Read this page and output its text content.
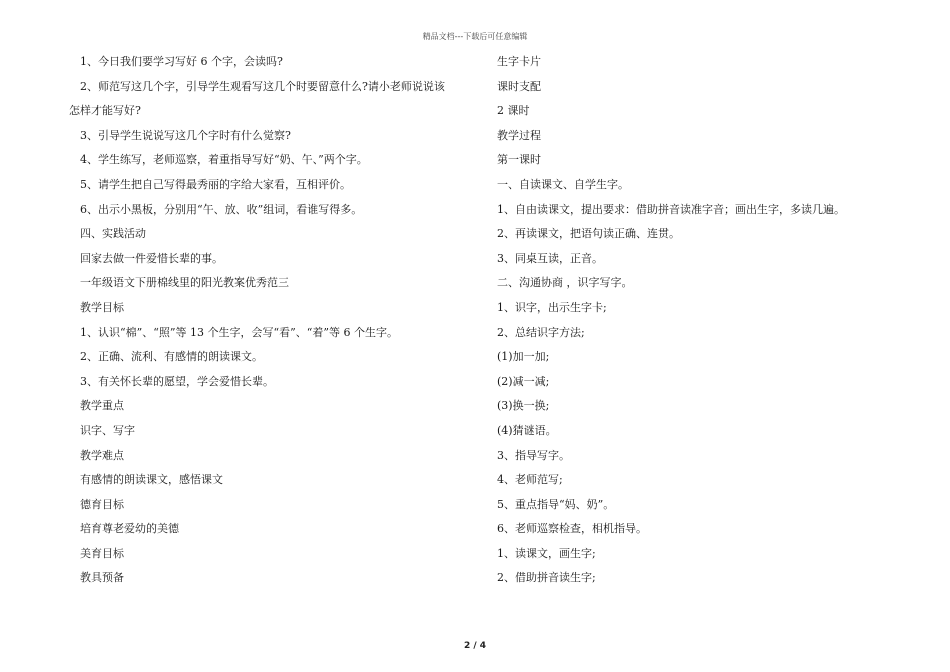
精品文档---下载后可任意编辑
1、今日我们要学习写好 6 个字，会读吗?
2、师范写这几个字，引导学生观看写这几个时要留意什么?请小老师说说该
怎样才能写好?
3、引导学生说说写这几个字时有什么觉察?
4、学生练写，老师巡察，着重指导写好“奶、午、”两个字。
5、请学生把自己写得最秀丽的字给大家看，互相评价。
6、出示小黑板，分别用“午、放、收”组词，看谁写得多。
四、实践活动
回家去做一件爱惜长辈的事。
一年级语文下册棉线里的阳光教案优秀范三
教学目标
1、认识“棉”、“照”等 13 个生字，会写“看”、“着”等 6 个生字。
2、正确、流利、有感情的朗读课文。
3、有关怀长辈的愿望，学会爱惜长辈。
教学重点
识字、写字
教学难点
有感情的朗读课文，感悟课文
德育目标
培育尊老爱幼的美德
美育目标
教具预备
生字卡片
课时支配
2 课时
教学过程
第一课时
一、自读课文、自学生字。
1、自由读课文，提出要求：借助拼音读准字音；画出生字，多读几遍。
2、再读课文，把语句读正确、连贯。
3、同桌互读，正音。
二、沟通协商 ，识字写字。
1、识字，出示生字卡;
2、总结识字方法;
(1)加一加;
(2)减一减;
(3)换一换;
(4)猜谜语。
3、指导写字。
4、老师范写;
5、重点指导“妈、奶”。
6、老师巡察检查，相机指导。
1、读课文，画生字;
2、借助拼音读生字;
2 / 4
